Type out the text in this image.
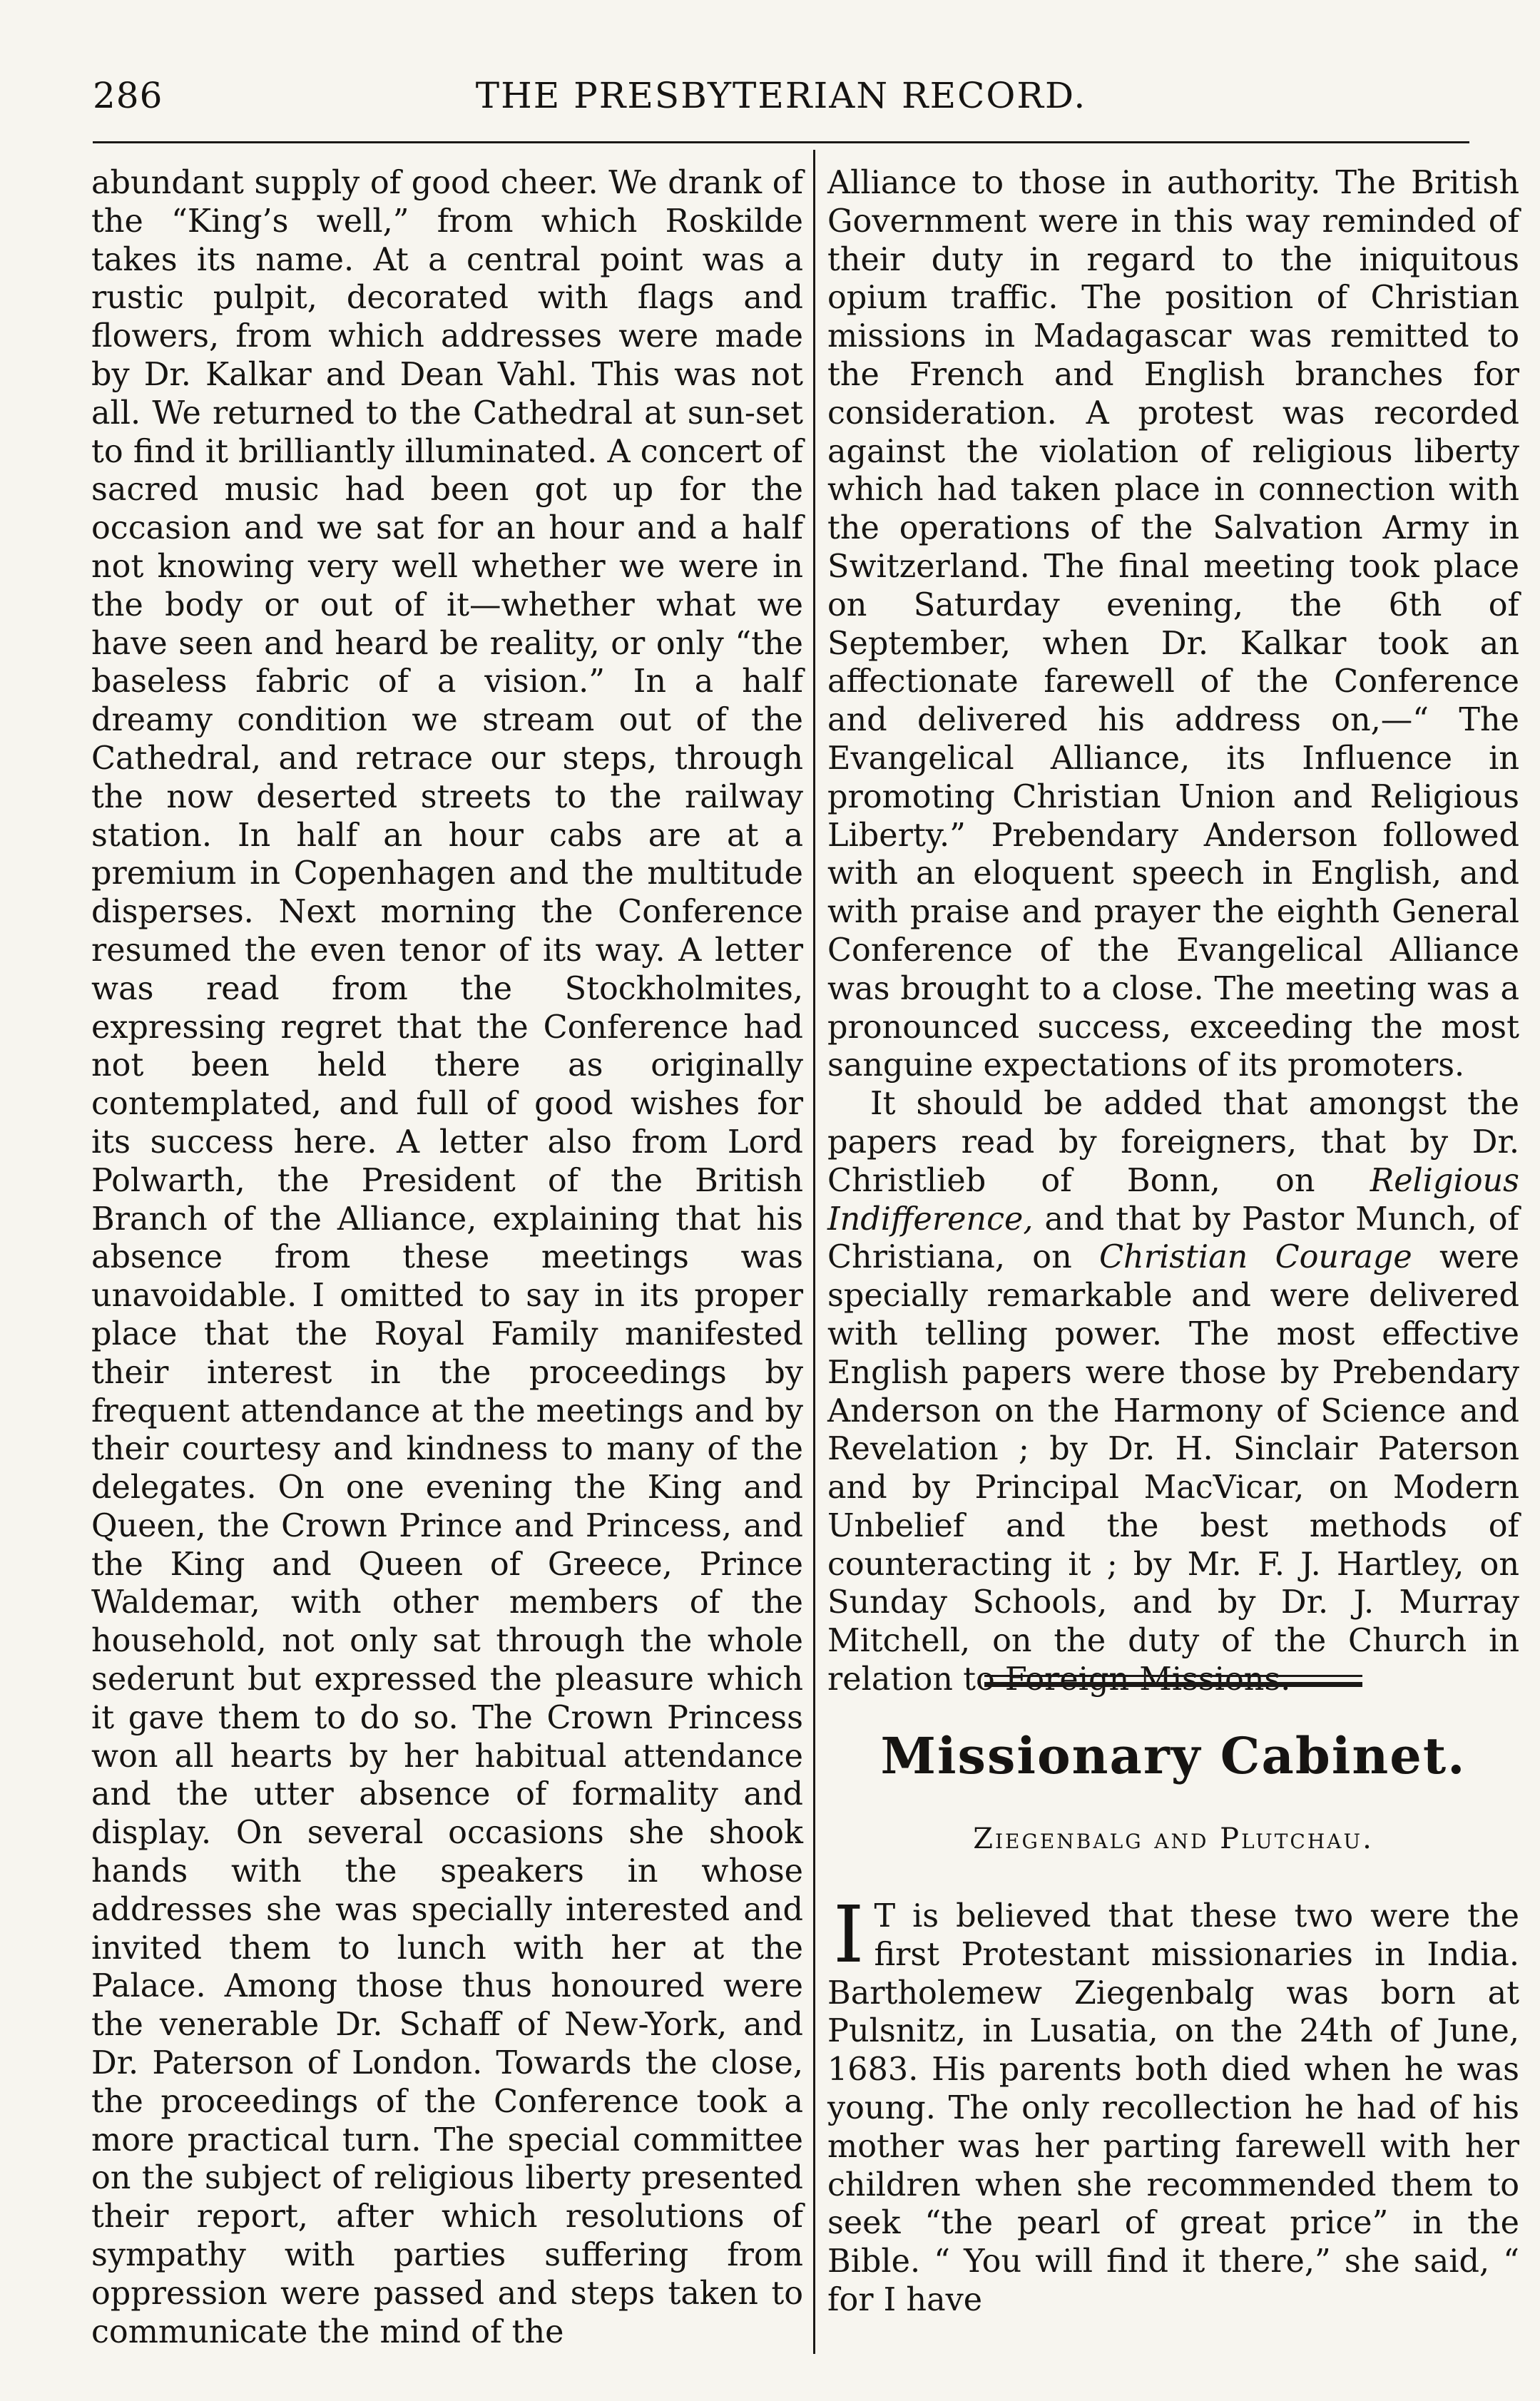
286	THE PRESBYTERIAN RECORD.

abundant supply of good cheer. We drank of the “King’s well,” from which Roskilde takes its name. At a central point was a rustic pulpit, decorated with flags and flowers, from which addresses were made by Dr. Kalkar and Dean Vahl. This was not all. We returned to the Cathedral at sun-set to find it brilliantly illuminated. A concert of sacred music had been got up for the occasion and we sat for an hour and a half not knowing very well whether we were in the body or out of it—whether what we have seen and heard be reality, or only “the baseless fabric of a vision.” In a half dreamy condition we stream out of the Cathedral, and retrace our steps, through the now deserted streets to the railway station. In half an hour cabs are at a premium in Copenhagen and the multitude disperses. Next morning the Conference resumed the even tenor of its way. A letter was read from the Stockholmites, expressing regret that the Conference had not been held there as originally contemplated, and full of good wishes for its success here. A letter also from Lord Polwarth, the President of the British Branch of the Alliance, explaining that his absence from these meetings was unavoidable. I omitted to say in its proper place that the Royal Family manifested their interest in the proceedings by frequent attendance at the meetings and by their courtesy and kindness to many of the delegates. On one evening the King and Queen, the Crown Prince and Princess, and the King and Queen of Greece, Prince Waldemar, with other members of the household, not only sat through the whole sederunt but expressed the pleasure which it gave them to do so. The Crown Princess won all hearts by her habitual attendance and the utter absence of formality and display. On several occasions she shook hands with the speakers in whose addresses she was specially interested and invited them to lunch with her at the Palace. Among those thus honoured were the venerable Dr. Schaff of New-York, and Dr. Paterson of London. Towards the close, the proceedings of the Conference took a more practical turn. The special committee on the subject of religious liberty presented their report, after which resolutions of sympathy with parties suffering from oppression were passed and steps taken to communicate the mind of the

Alliance to those in authority. The British Government were in this way reminded of their duty in regard to the iniquitous opium traffic. The position of Christian missions in Madagascar was remitted to the French and English branches for consideration. A protest was recorded against the violation of religious liberty which had taken place in connection with the operations of the Salvation Army in Switzerland. The final meeting took place on Saturday evening, the 6th of September, when Dr. Kalkar took an affectionate farewell of the Conference and delivered his address on,—“ The Evangelical Alliance, its Influence in promoting Christian Union and Religious Liberty.” Prebendary Anderson followed with an eloquent speech in English, and with praise and prayer the eighth General Conference of the Evangelical Alliance was brought to a close. The meeting was a pronounced success, exceeding the most sanguine expectations of its promoters.

It should be added that amongst the papers read by foreigners, that by Dr. Christlieb of Bonn, on Religious Indifference, and that by Pastor Munch, of Christiana, on Christian Courage were specially remarkable and were delivered with telling power. The most effective English papers were those by Prebendary Anderson on the Harmony of Science and Revelation ; by Dr. H. Sinclair Paterson and by Principal MacVicar, on Modern Unbelief and the best methods of counteracting it ; by Mr. F. J. Hartley, on Sunday Schools, and by Dr. J. Murray Mitchell, on the duty of the Church in relation to Foreign Missions.

Missionary Cabinet.
Ziegenbalg and Plutchau.

I T is believed that these two were the first Protestant missionaries in India. Bartholemew Ziegenbalg was born at Pulsnitz, in Lusatia, on the 24th of June, 1683. His parents both died when he was young. The only recollection he had of his mother was her parting farewell with her children when she recommended them to seek “the pearl of great price” in the Bible. “ You will find it there,” she said, “ for I have
